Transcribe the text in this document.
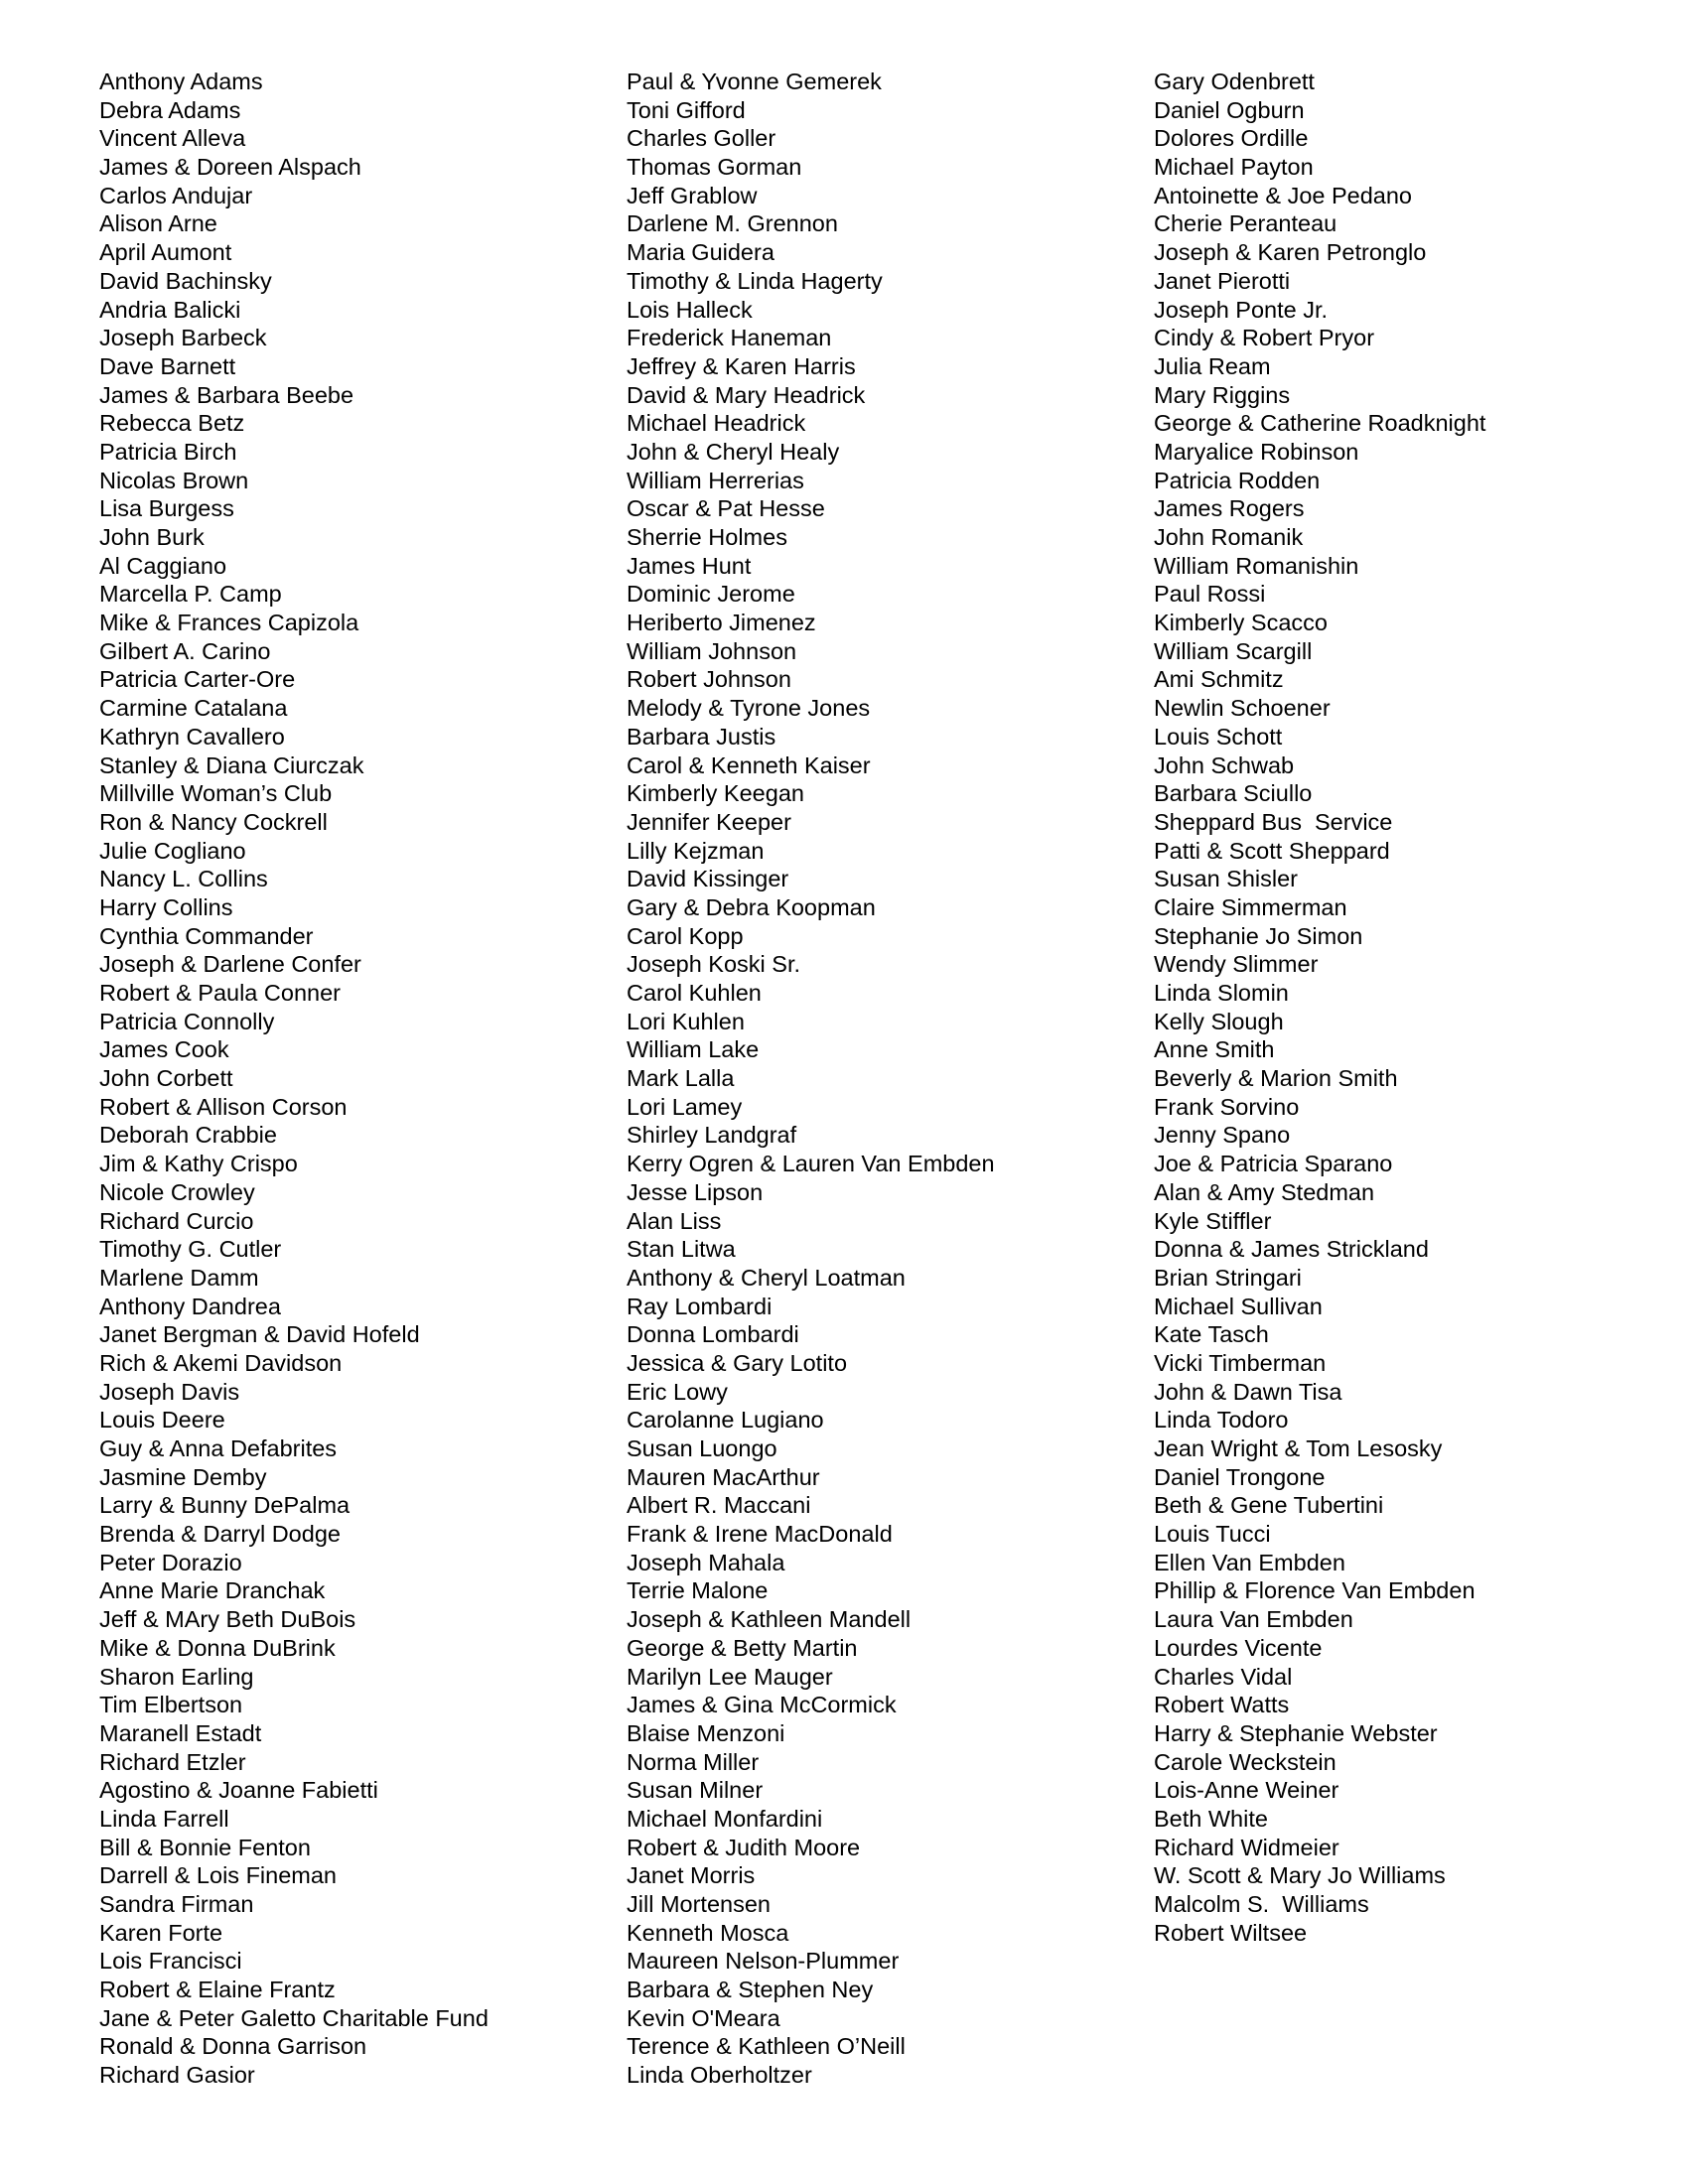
Anthony Adams
Debra Adams
Vincent Alleva
James & Doreen Alspach
Carlos Andujar
Alison Arne
April Aumont
David Bachinsky
Andria Balicki
Joseph Barbeck
Dave Barnett
James & Barbara Beebe
Rebecca Betz
Patricia Birch
Nicolas Brown
Lisa Burgess
John Burk
Al Caggiano
Marcella P. Camp
Mike & Frances Capizola
Gilbert A. Carino
Patricia Carter-Ore
Carmine Catalana
Kathryn Cavallero
Stanley & Diana Ciurczak
Millville Woman’s Club
Ron & Nancy Cockrell
Julie Cogliano
Nancy L. Collins
Harry Collins
Cynthia Commander
Joseph & Darlene Confer
Robert & Paula Conner
Patricia Connolly
James Cook
John Corbett
Robert & Allison Corson
Deborah Crabbie
Jim & Kathy Crispo
Nicole Crowley
Richard Curcio
Timothy G. Cutler
Marlene Damm
Anthony Dandrea
Janet Bergman & David Hofeld
Rich & Akemi Davidson
Joseph Davis
Louis Deere
Guy & Anna Defabrites
Jasmine Demby
Larry & Bunny DePalma
Brenda & Darryl Dodge
Peter Dorazio
Anne Marie Dranchak
Jeff & MAry Beth DuBois
Mike & Donna DuBrink
Sharon Earling
Tim Elbertson
Maranell Estadt
Richard Etzler
Agostino & Joanne Fabietti
Linda Farrell
Bill & Bonnie Fenton
Darrell & Lois Fineman
Sandra Firman
Karen Forte
Lois Francisci
Robert & Elaine Frantz
Jane & Peter Galetto Charitable Fund
Ronald & Donna Garrison
Richard Gasior
Paul & Yvonne Gemerek
Toni Gifford
Charles Goller
Thomas Gorman
Jeff Grablow
Darlene M. Grennon
Maria Guidera
Timothy & Linda Hagerty
Lois Halleck
Frederick Haneman
Jeffrey & Karen Harris
David & Mary Headrick
Michael Headrick
John & Cheryl Healy
William Herrerias
Oscar & Pat Hesse
Sherrie Holmes
James Hunt
Dominic Jerome
Heriberto Jimenez
William Johnson
Robert Johnson
Melody & Tyrone Jones
Barbara Justis
Carol & Kenneth Kaiser
Kimberly Keegan
Jennifer Keeper
Lilly Kejzman
David Kissinger
Gary & Debra Koopman
Carol Kopp
Joseph Koski Sr.
Carol Kuhlen
Lori Kuhlen
William Lake
Mark Lalla
Lori Lamey
Shirley Landgraf
Kerry Ogren & Lauren Van Embden
Jesse Lipson
Alan Liss
Stan Litwa
Anthony & Cheryl Loatman
Ray Lombardi
Donna Lombardi
Jessica & Gary Lotito
Eric Lowy
Carolanne Lugiano
Susan Luongo
Mauren MacArthur
Albert R. Maccani
Frank & Irene MacDonald
Joseph Mahala
Terrie Malone
Joseph & Kathleen Mandell
George & Betty Martin
Marilyn Lee Mauger
James & Gina McCormick
Blaise Menzoni
Norma Miller
Susan Milner
Michael Monfardini
Robert & Judith Moore
Janet Morris
Jill Mortensen
Kenneth Mosca
Maureen Nelson-Plummer
Barbara & Stephen Ney
Kevin O'Meara
Terence & Kathleen O’Neill
Linda Oberholtzer
Gary Odenbrett
Daniel Ogburn
Dolores Ordille
Michael Payton
Antoinette & Joe Pedano
Cherie Peranteau
Joseph & Karen Petronglo
Janet Pierotti
Joseph Ponte Jr.
Cindy & Robert Pryor
Julia Ream
Mary Riggins
George & Catherine Roadknight
Maryalice Robinson
Patricia Rodden
James Rogers
John Romanik
William Romanishin
Paul Rossi
Kimberly Scacco
William Scargill
Ami Schmitz
Newlin Schoener
Louis Schott
John Schwab
Barbara Sciullo
Sheppard Bus  Service
Patti & Scott Sheppard
Susan Shisler
Claire Simmerman
Stephanie Jo Simon
Wendy Slimmer
Linda Slomin
Kelly Slough
Anne Smith
Beverly & Marion Smith
Frank Sorvino
Jenny Spano
Joe & Patricia Sparano
Alan & Amy Stedman
Kyle Stiffler
Donna & James Strickland
Brian Stringari
Michael Sullivan
Kate Tasch
Vicki Timberman
John & Dawn Tisa
Linda Todoro
Jean Wright & Tom Lesosky
Daniel Trongone
Beth & Gene Tubertini
Louis Tucci
Ellen Van Embden
Phillip & Florence Van Embden
Laura Van Embden
Lourdes Vicente
Charles Vidal
Robert Watts
Harry & Stephanie Webster
Carole Weckstein
Lois-Anne Weiner
Beth White
Richard Widmeier
W. Scott & Mary Jo Williams
Malcolm S.  Williams
Robert Wiltsee
